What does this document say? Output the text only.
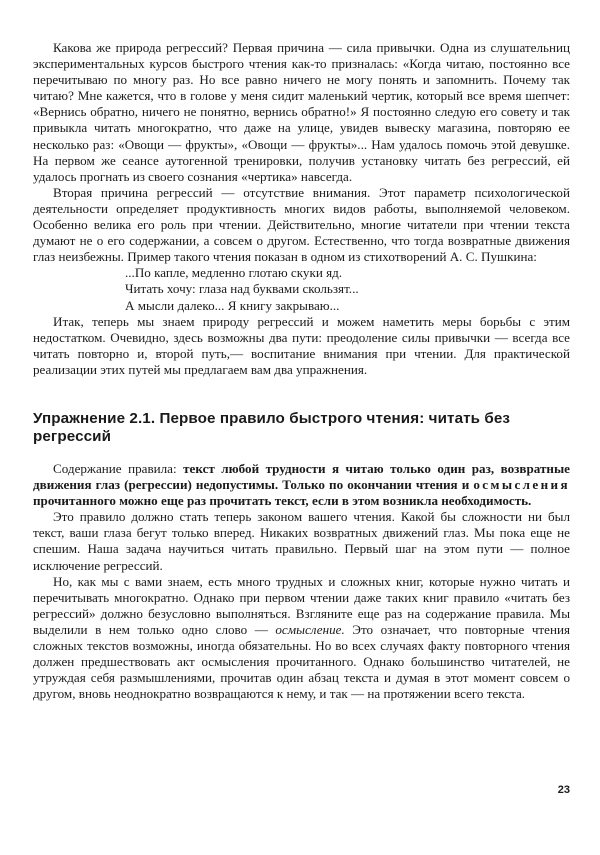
Какова же природа регрессий? Первая причина — сила привычки. Одна из слушательниц экспериментальных курсов быстрого чтения как-то призналась: «Когда читаю, постоянно все перечитываю по многу раз. Но все равно ничего не могу понять и запомнить. Почему так читаю? Мне кажется, что в голове у меня сидит маленький чертик, который все время шепчет: «Вернись обратно, ничего не понятно, вернись обратно!» Я постоянно следую его совету и так привыкла читать многократно, что даже на улице, увидев вывеску магазина, повторяю ее несколько раз: «Овощи — фрукты», «Овощи — фрукты»... Нам удалось помочь этой девушке. На первом же сеансе аутогенной тренировки, получив установку читать без регрессий, ей удалось прогнать из своего сознания «чертика» навсегда.

Вторая причина регрессий — отсутствие внимания. Этот параметр психологической деятельности определяет продуктивность многих видов работы, выполняемой человеком. Особенно велика его роль при чтении. Действительно, многие читатели при чтении текста думают не о его содержании, а совсем о другом. Естественно, что тогда возвратные движения глаз неизбежны. Пример такого чтения показан в одном из стихотворений А. С. Пушкина:

...По капле, медленно глотаю скуки яд.
Читать хочу: глаза над буквами скользят...
А мысли далеко... Я книгу закрываю...

Итак, теперь мы знаем природу регрессий и можем наметить меры борьбы с этим недостатком. Очевидно, здесь возможны два пути: преодоление силы привычки — всегда все читать повторно и, второй путь,— воспитание внимания при чтении. Для практической реализации этих путей мы предлагаем вам два упражнения.

Упражнение 2.1. Первое правило быстрого чтения: читать без регрессий

Содержание правила: текст любой трудности я читаю только один раз, возвратные движения глаз (регрессии) недопустимы. Только по окончании чтения и осмысления прочитанного можно еще раз прочитать текст, если в этом возникла необходимость.

Это правило должно стать теперь законом вашего чтения. Какой бы сложности ни был текст, ваши глаза бегут только вперед. Никаких возвратных движений глаз. Мы пока еще не спешим. Наша задача научиться читать правильно. Первый шаг на этом пути — полное исключение регрессий.

Но, как мы с вами знаем, есть много трудных и сложных книг, которые нужно читать и перечитывать многократно. Однако при первом чтении даже таких книг правило «читать без регрессий» должно безусловно выполняться. Взгляните еще раз на содержание правила. Мы выделили в нем только одно слово — осмысление. Это означает, что повторные чтения сложных текстов возможны, иногда обязательны. Но во всех случаях факту повторного чтения должен предшествовать акт осмысления прочитанного. Однако большинство читателей, не утруждая себя размышлениями, прочитав один абзац текста и думая в этот момент совсем о другом, вновь неоднократно возвращаются к нему, и так — на протяжении всего текста.

23
